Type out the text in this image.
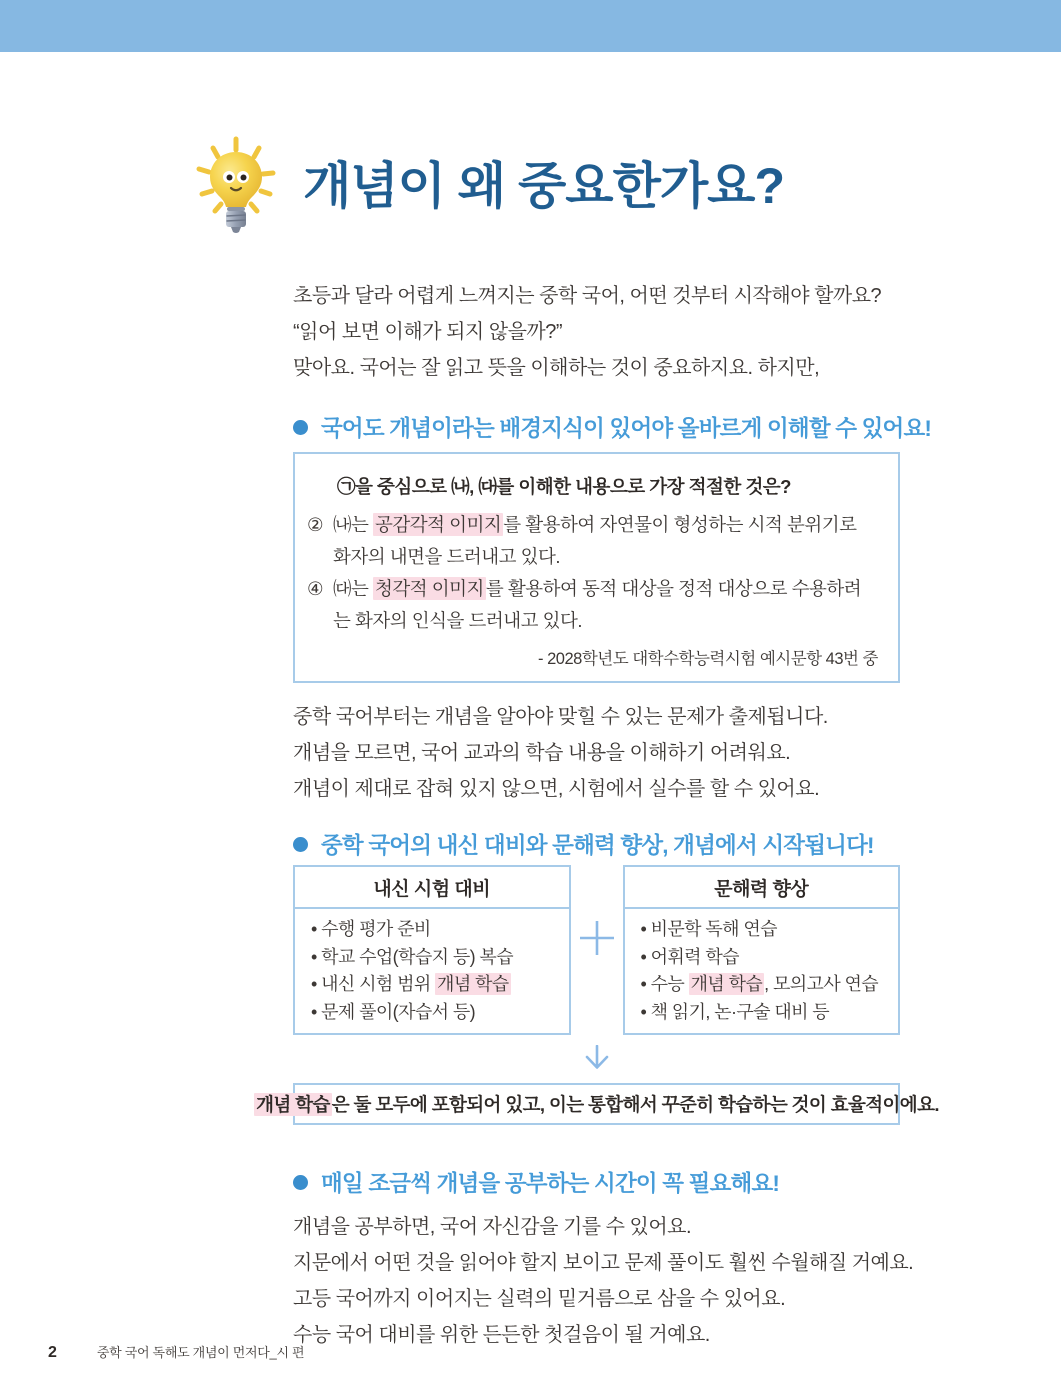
개념이 왜 중요한가요?

초등과 달라 어렵게 느껴지는 중학 국어, 어떤 것부터 시작해야 할까요?

“읽어 보면 이해가 되지 않을까?”

맞아요. 국어는 잘 읽고 뜻을 이해하는 것이 중요하지요. 하지만,

국어도 개념이라는 배경지식이 있어야 올바르게 이해할 수 있어요!

㉠을 중심으로 ㈏, ㈐를 이해한 내용으로 가장 적절한 것은?

② ㈏는 공감각적 이미지 를 활용하여 자연물이 형성하는 시적 분위기로 화자의 내면을 드러내고 있다.
④ ㈐는 청각적 이미지 를 활용하여 동적 대상을 정적 대상으로 수용하려는 화자의 인식을 드러내고 있다.

- 2028학년도 대학수학능력시험 예시문항 43번 중

중학 국어부터는 개념을 알아야 맞힐 수 있는 문제가 출제됩니다.

개념을 모르면, 국어 교과의 학습 내용을 이해하기 어려워요.

개념이 제대로 잡혀 있지 않으면, 시험에서 실수를 할 수 있어요.

중학 국어의 내신 대비와 문해력 향상, 개념에서 시작됩니다!
내신 시험 대비
• 수행 평가 준비
• 학교 수업(학습지 등) 복습
• 내신 시험 범위 개념 학습
• 문제 풀이(자습서 등)
문해력 향상
• 비문학 독해 연습
• 어휘력 학습
• 수능 개념 학습 , 모의고사 연습
• 책 읽기, 논·구술 대비 등
개념 학습 은 둘 모두에 포함되어 있고, 이는 통합해서 꾸준히 학습하는 것이 효율적이에요.
매일 조금씩 개념을 공부하는 시간이 꼭 필요해요!

개념을 공부하면, 국어 자신감을 기를 수 있어요.

지문에서 어떤 것을 읽어야 할지 보이고 문제 풀이도 훨씬 수월해질 거예요.

고등 국어까지 이어지는 실력의 밑거름으로 삼을 수 있어요.

수능 국어 대비를 위한 든든한 첫걸음이 될 거예요.

2	중학 국어 독해도 개념이 먼저다_시 편
